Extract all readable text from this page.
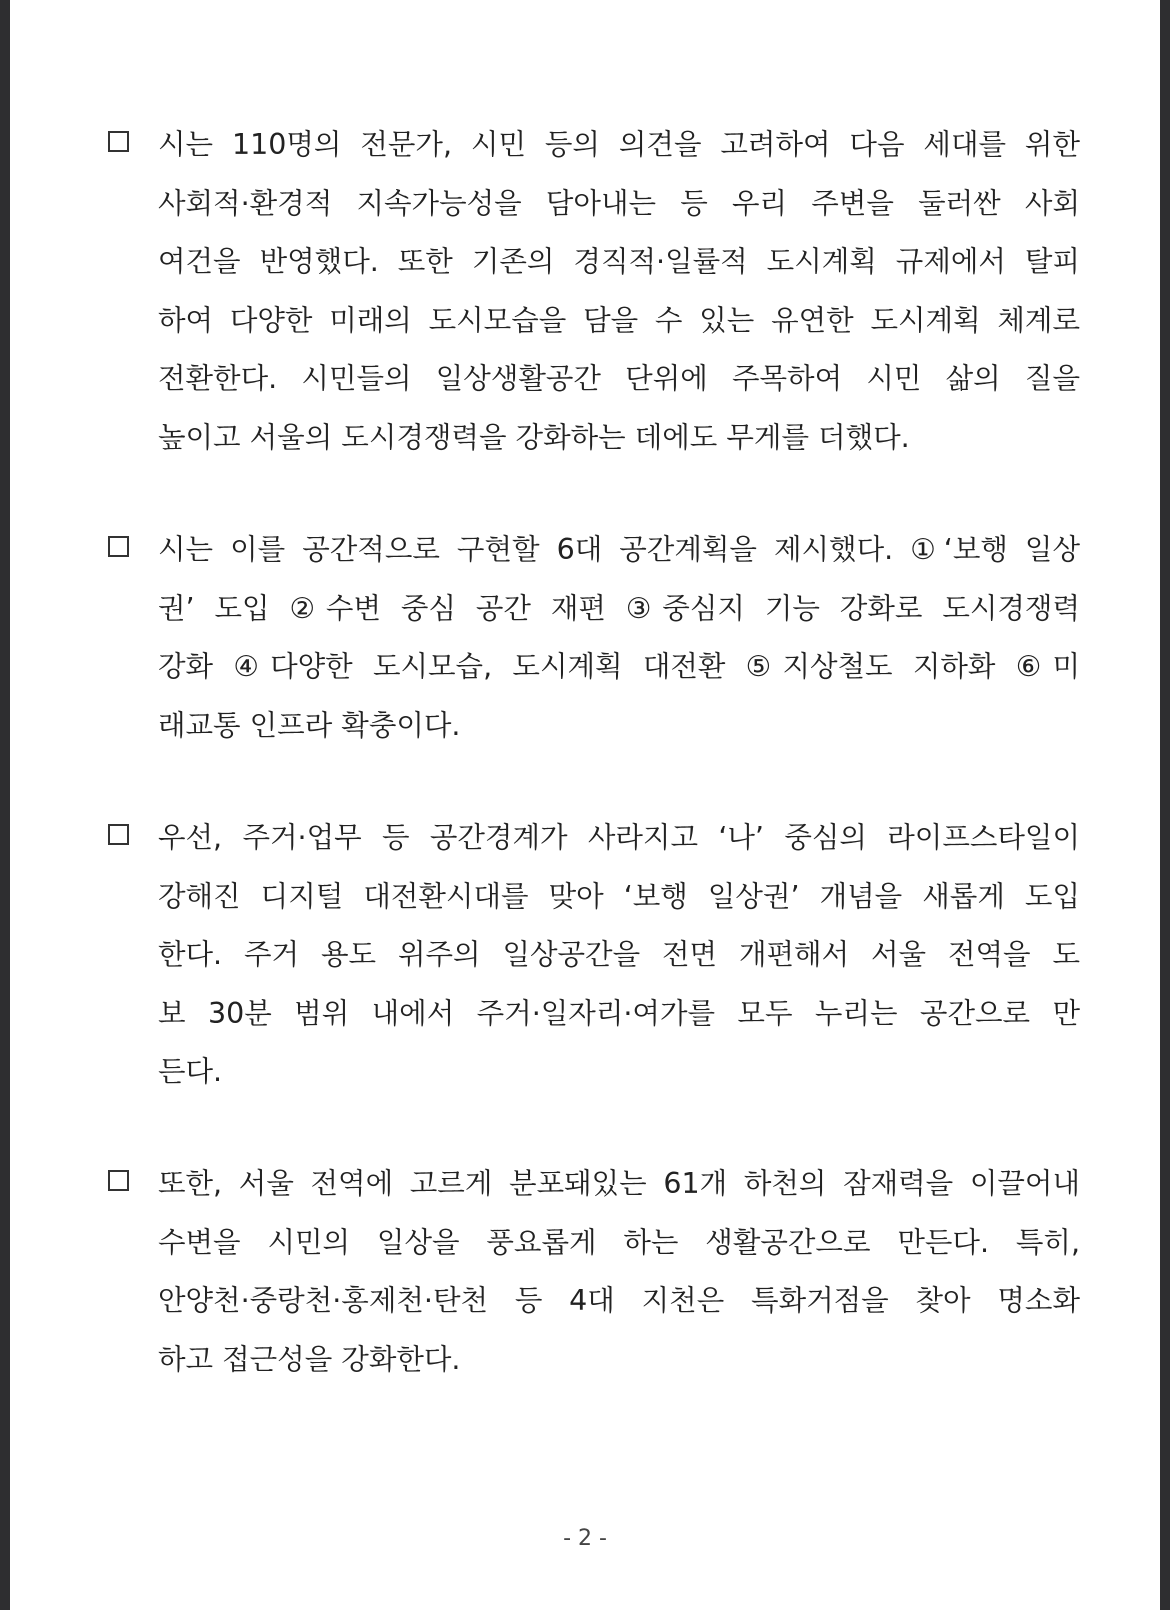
시는 110명의 전문가, 시민 등의 의견을 고려하여 다음 세대를 위한
사회적·환경적 지속가능성을 담아내는 등 우리 주변을 둘러싼 사회
여건을 반영했다. 또한 기존의 경직적·일률적 도시계획 규제에서 탈피
하여 다양한 미래의 도시모습을 담을 수 있는 유연한 도시계획 체계로
전환한다. 시민들의 일상생활공간 단위에 주목하여 시민 삶의 질을
높이고 서울의 도시경쟁력을 강화하는 데에도 무게를 더했다.
시는 이를 공간적으로 구현할 6대 공간계획을 제시했다. ①‘보행 일상
권’ 도입 ②수변 중심 공간 재편 ③중심지 기능 강화로 도시경쟁력
강화 ④다양한 도시모습, 도시계획 대전환 ⑤지상철도 지하화 ⑥미
래교통 인프라 확충이다.
우선, 주거·업무 등 공간경계가 사라지고 ‘나’ 중심의 라이프스타일이
강해진 디지털 대전환시대를 맞아 ‘보행 일상권’ 개념을 새롭게 도입
한다. 주거 용도 위주의 일상공간을 전면 개편해서 서울 전역을 도
보 30분 범위 내에서 주거·일자리·여가를 모두 누리는 공간으로 만
든다.
또한, 서울 전역에 고르게 분포돼있는 61개 하천의 잠재력을 이끌어내
수변을 시민의 일상을 풍요롭게 하는 생활공간으로 만든다. 특히,
안양천·중랑천·홍제천·탄천 등 4대 지천은 특화거점을 찾아 명소화
하고 접근성을 강화한다.
- 2 -
